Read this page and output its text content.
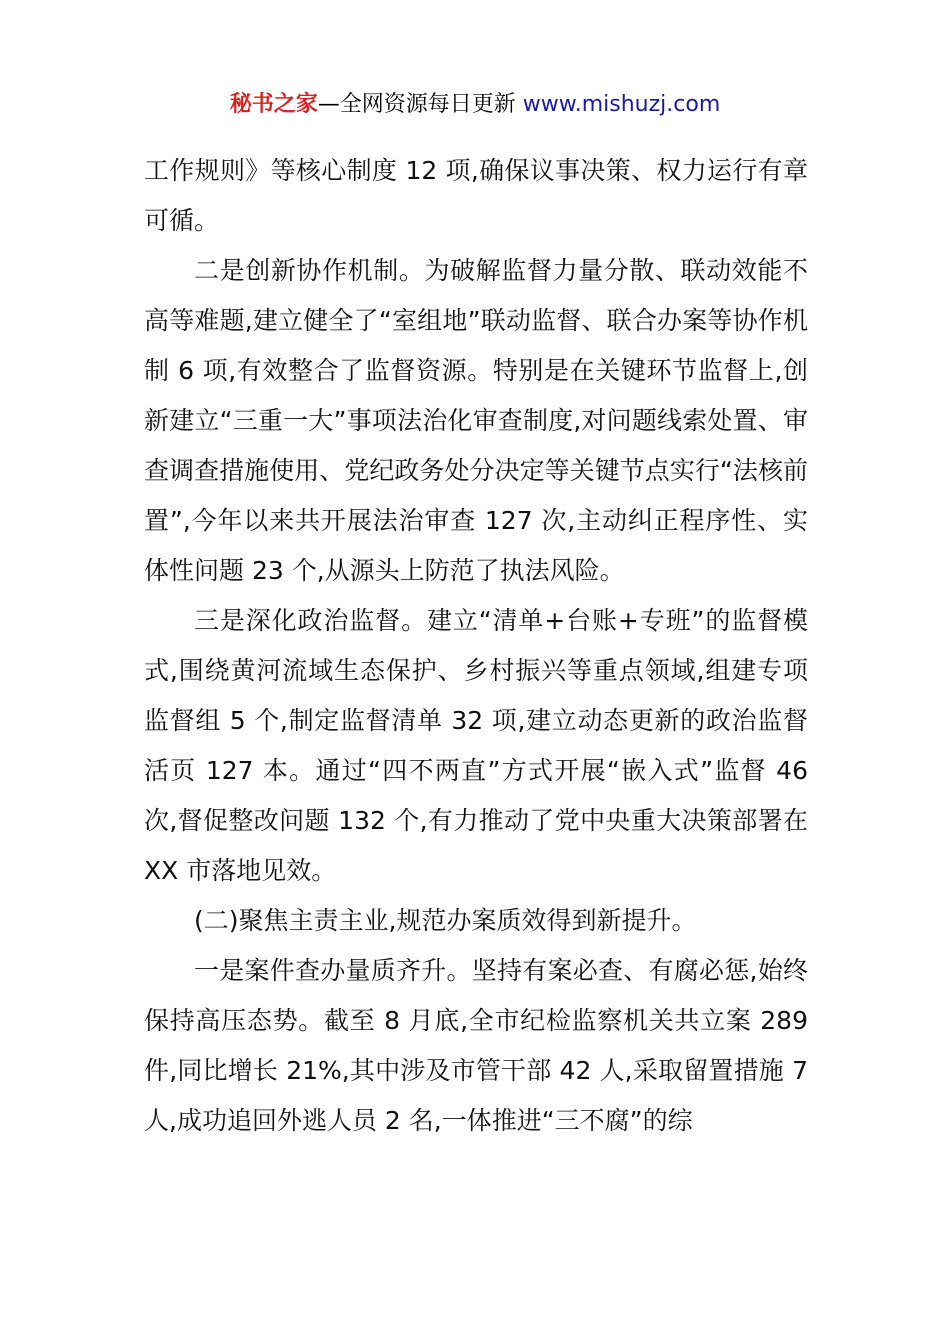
秘书之家—全网资源每日更新 www.mishuzj.com

工作规则》等核心制度 12 项,确保议事决策、权力运行有章可循。

二是创新协作机制。为破解监督力量分散、联动效能不高等难题,建立健全了“室组地”联动监督、联合办案等协作机制 6 项,有效整合了监督资源。特别是在关键环节监督上,创新建立“三重一大”事项法治化审查制度,对问题线索处置、审查调查措施使用、党纪政务处分决定等关键节点实行“法核前置”,今年以来共开展法治审查 127 次,主动纠正程序性、实体性问题 23 个,从源头上防范了执法风险。

三是深化政治监督。建立“清单+台账+专班”的监督模式,围绕黄河流域生态保护、乡村振兴等重点领域,组建专项监督组 5 个,制定监督清单 32 项,建立动态更新的政治监督活页 127 本。通过“四不两直”方式开展“嵌入式”监督 46 次,督促整改问题 132 个,有力推动了党中央重大决策部署在 XX 市落地见效。

(二)聚焦主责主业,规范办案质效得到新提升。

一是案件查办量质齐升。坚持有案必查、有腐必惩,始终保持高压态势。截至 8 月底,全市纪检监察机关共立案 289 件,同比增长 21%,其中涉及市管干部 42 人,采取留置措施 7 人,成功追回外逃人员 2 名,一体推进“三不腐”的综
